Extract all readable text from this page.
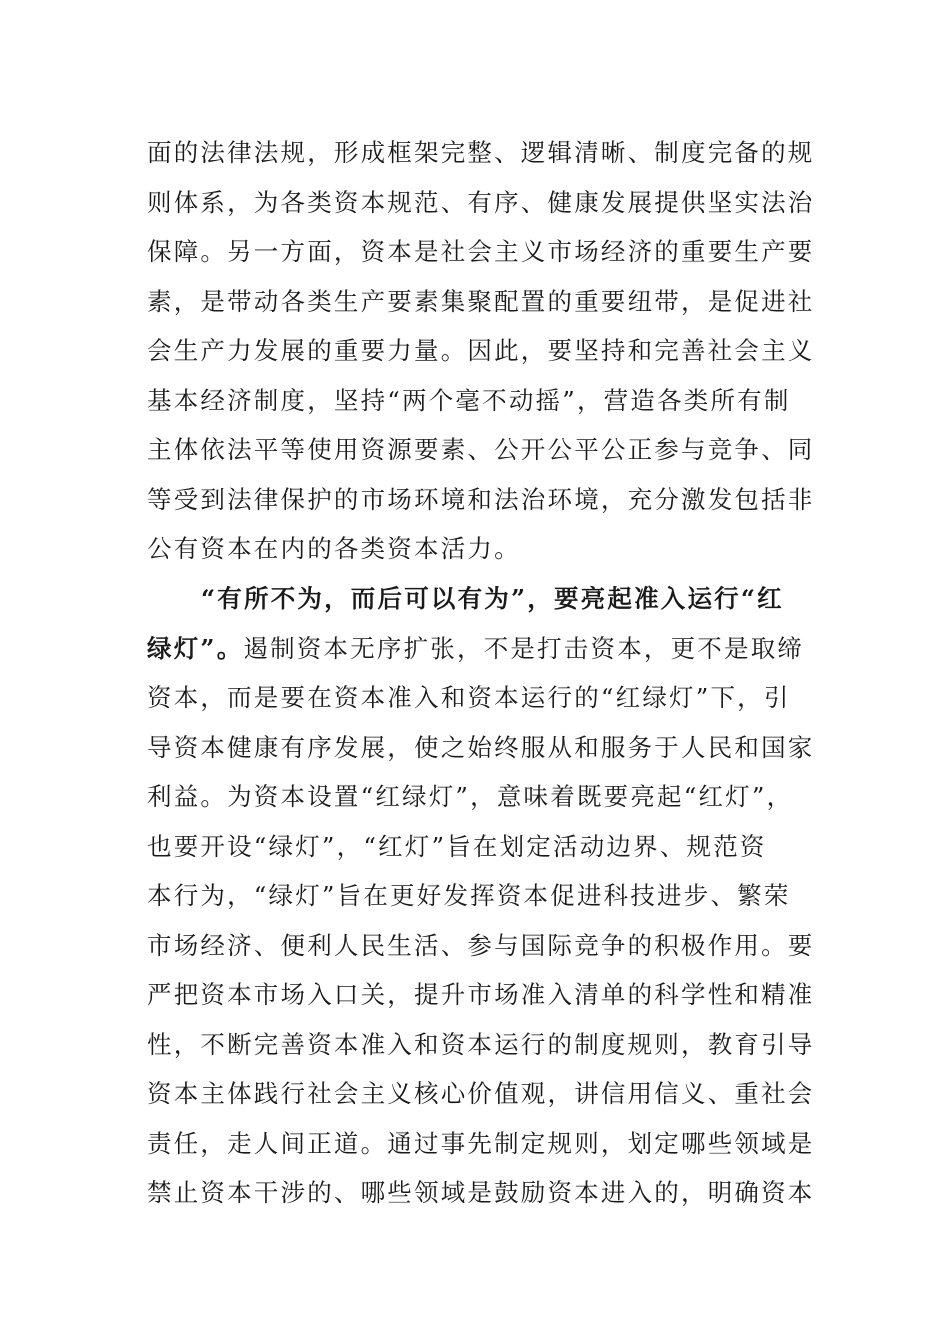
面的法律法规，形成框架完整、逻辑清晰、制度完备的规
则体系，为各类资本规范、有序、健康发展提供坚实法治
保障。另一方面，资本是社会主义市场经济的重要生产要
素，是带动各类生产要素集聚配置的重要纽带，是促进社
会生产力发展的重要力量。因此，要坚持和完善社会主义
基本经济制度，坚持“两个毫不动摇”，营造各类所有制
主体依法平等使用资源要素、公开公平公正参与竞争、同
等受到法律保护的市场环境和法治环境，充分激发包括非
公有资本在内的各类资本活力。
“有所不为，而后可以有为”，要亮起准入运行“红
绿灯”。遏制资本无序扩张，不是打击资本，更不是取缔
资本，而是要在资本准入和资本运行的“红绿灯”下，引
导资本健康有序发展，使之始终服从和服务于人民和国家
利益。为资本设置“红绿灯”，意味着既要亮起“红灯”，
也要开设“绿灯”，“红灯”旨在划定活动边界、规范资
本行为，“绿灯”旨在更好发挥资本促进科技进步、繁荣
市场经济、便利人民生活、参与国际竞争的积极作用。要
严把资本市场入口关，提升市场准入清单的科学性和精准
性，不断完善资本准入和资本运行的制度规则，教育引导
资本主体践行社会主义核心价值观，讲信用信义、重社会
责任，走人间正道。通过事先制定规则，划定哪些领域是
禁止资本干涉的、哪些领域是鼓励资本进入的，明确资本
